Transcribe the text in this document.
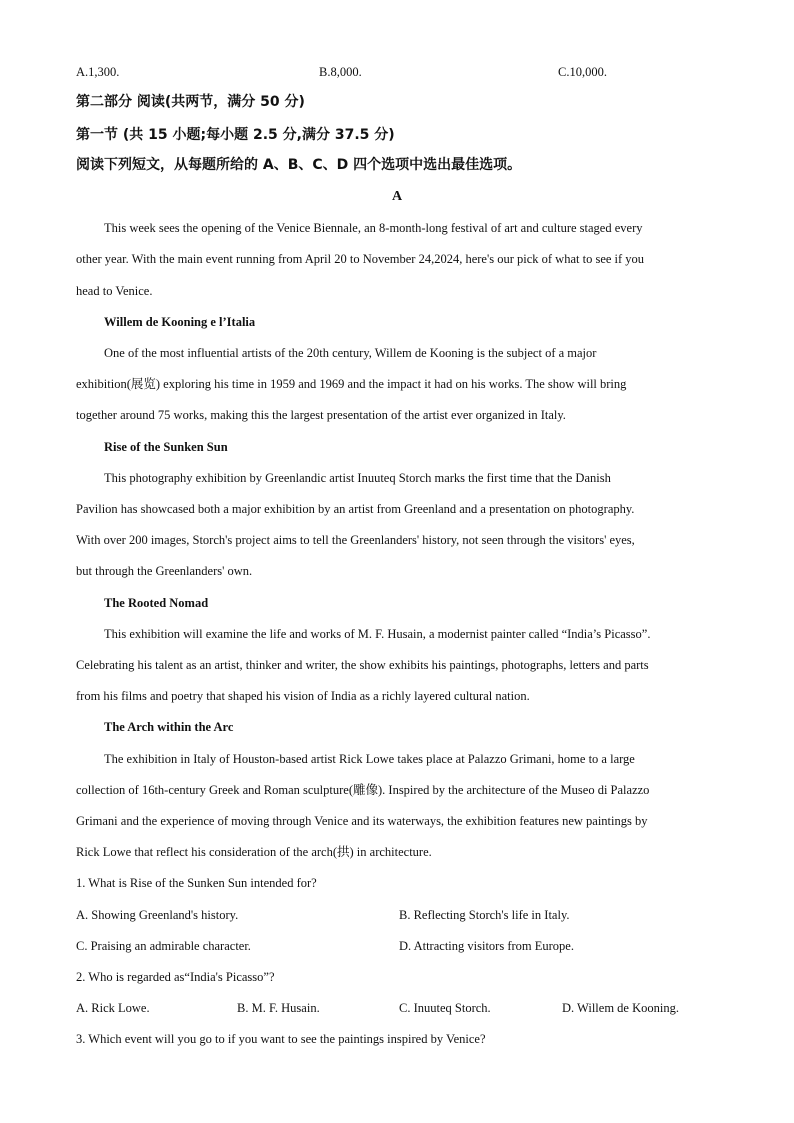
A.1,300.	B.8,000.	C.10,000.
第二部分 阅读(共两节，满分 50 分)
第一节 (共 15 小题;每小题 2.5 分,满分 37.5 分)
阅读下列短文，从每题所给的 A、B、C、D 四个选项中选出最佳选项。
A
This week sees the opening of the Venice Biennale, an 8-month-long festival of art and culture staged every
other year. With the main event running from April 20 to November 24,2024, here's our pick of what to see if you
head to Venice.
Willem de Kooning e l’Italia
One of the most influential artists of the 20th century, Willem de Kooning is the subject of a major
exhibition(展览) exploring his time in 1959 and 1969 and the impact it had on his works. The show will bring
together around 75 works, making this the largest presentation of the artist ever organized in Italy.
Rise of the Sunken Sun
This photography exhibition by Greenlandic artist Inuuteq Storch marks the first time that the Danish
Pavilion has showcased both a major exhibition by an artist from Greenland and a presentation on photography.
With over 200 images, Storch's project aims to tell the Greenlanders' history, not seen through the visitors' eyes,
but through the Greenlanders' own.
The Rooted Nomad
This exhibition will examine the life and works of M. F. Husain, a modernist painter called “India’s Picasso”.
Celebrating his talent as an artist, thinker and writer, the show exhibits his paintings, photographs, letters and parts
from his films and poetry that shaped his vision of India as a richly layered cultural nation.
The Arch within the Arc
The exhibition in Italy of Houston-based artist Rick Lowe takes place at Palazzo Grimani, home to a large
collection of 16th-century Greek and Roman sculpture(雕像). Inspired by the architecture of the Museo di Palazzo
Grimani and the experience of moving through Venice and its waterways, the exhibition features new paintings by
Rick Lowe that reflect his consideration of the arch(拱) in architecture.
1. What is Rise of the Sunken Sun intended for?
A. Showing Greenland's history.	B. Reflecting Storch's life in Italy.
C. Praising an admirable character.	D. Attracting visitors from Europe.
2. Who is regarded as“India's Picasso”?
A. Rick Lowe.	B. M. F. Husain.	C. Inuuteq Storch.	D. Willem de Kooning.
3. Which event will you go to if you want to see the paintings inspired by Venice?
